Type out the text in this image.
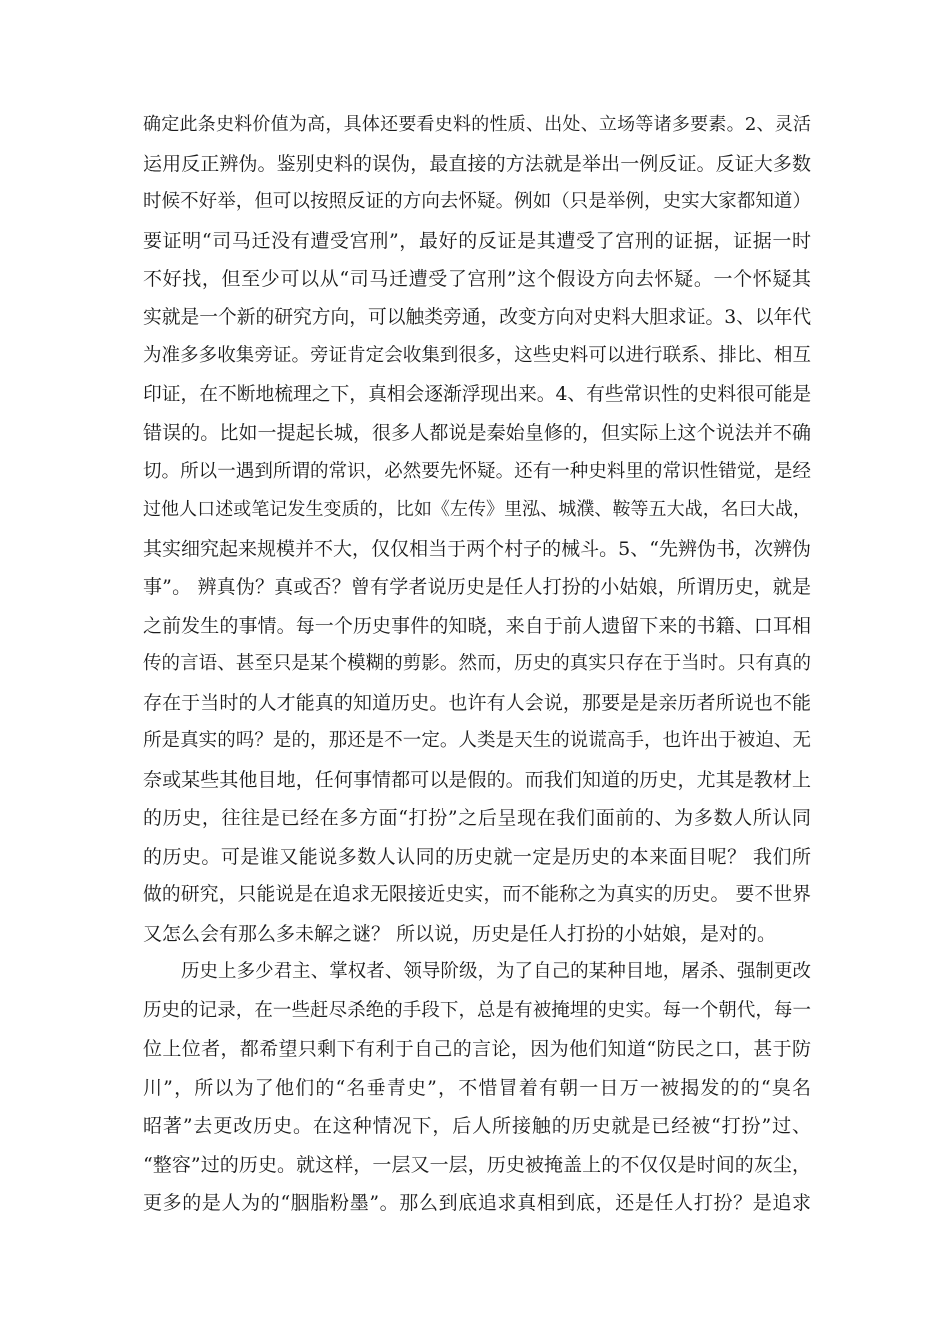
确定此条史料价值为高，具体还要看史料的性质、出处、立场等诸多要素。2、灵活
运用反正辨伪。鉴别史料的误伪，最直接的方法就是举出一例反证。反证大多数
时候不好举，但可以按照反证的方向去怀疑。例如（只是举例，史实大家都知道）
要证明“司马迁没有遭受宫刑”，最好的反证是其遭受了宫刑的证据，证据一时
不好找，但至少可以从“司马迁遭受了宫刑”这个假设方向去怀疑。一个怀疑其
实就是一个新的研究方向，可以触类旁通，改变方向对史料大胆求证。3、以年代
为准多多收集旁证。旁证肯定会收集到很多，这些史料可以进行联系、排比、相互
印证，在不断地梳理之下，真相会逐渐浮现出来。4、有些常识性的史料很可能是
错误的。比如一提起长城，很多人都说是秦始皇修的，但实际上这个说法并不确
切。所以一遇到所谓的常识，必然要先怀疑。还有一种史料里的常识性错觉，是经
过他人口述或笔记发生变质的，比如《左传》里泓、城濮、鞍等五大战，名曰大战，
其实细究起来规模并不大，仅仅相当于两个村子的械斗。5、“先辨伪书，次辨伪
事”。 辨真伪？真或否？曾有学者说历史是任人打扮的小姑娘，所谓历史，就是
之前发生的事情。每一个历史事件的知晓，来自于前人遗留下来的书籍、口耳相
传的言语、甚至只是某个模糊的剪影。然而，历史的真实只存在于当时。只有真的
存在于当时的人才能真的知道历史。也许有人会说，那要是是亲历者所说也不能
所是真实的吗？是的，那还是不一定。人类是天生的说谎高手，也许出于被迫、无
奈或某些其他目地，任何事情都可以是假的。而我们知道的历史，尤其是教材上
的历史，往往是已经在多方面“打扮”之后呈现在我们面前的、为多数人所认同
的历史。可是谁又能说多数人认同的历史就一定是历史的本来面目呢？ 我们所
做的研究，只能说是在追求无限接近史实，而不能称之为真实的历史。 要不世界
又怎么会有那么多未解之谜？ 所以说，历史是任人打扮的小姑娘，是对的。
历史上多少君主、掌权者、领导阶级，为了自己的某种目地，屠杀、强制更改
历史的记录，在一些赶尽杀绝的手段下，总是有被掩埋的史实。每一个朝代，每一
位上位者，都希望只剩下有利于自己的言论，因为他们知道“防民之口，甚于防
川”，所以为了他们的“名垂青史”，不惜冒着有朝一日万一被揭发的的“臭名
昭著”去更改历史。在这种情况下，后人所接触的历史就是已经被“打扮”过、
“整容”过的历史。就这样，一层又一层，历史被掩盖上的不仅仅是时间的灰尘，
更多的是人为的“胭脂粉墨”。那么到底追求真相到底，还是任人打扮？是追求
